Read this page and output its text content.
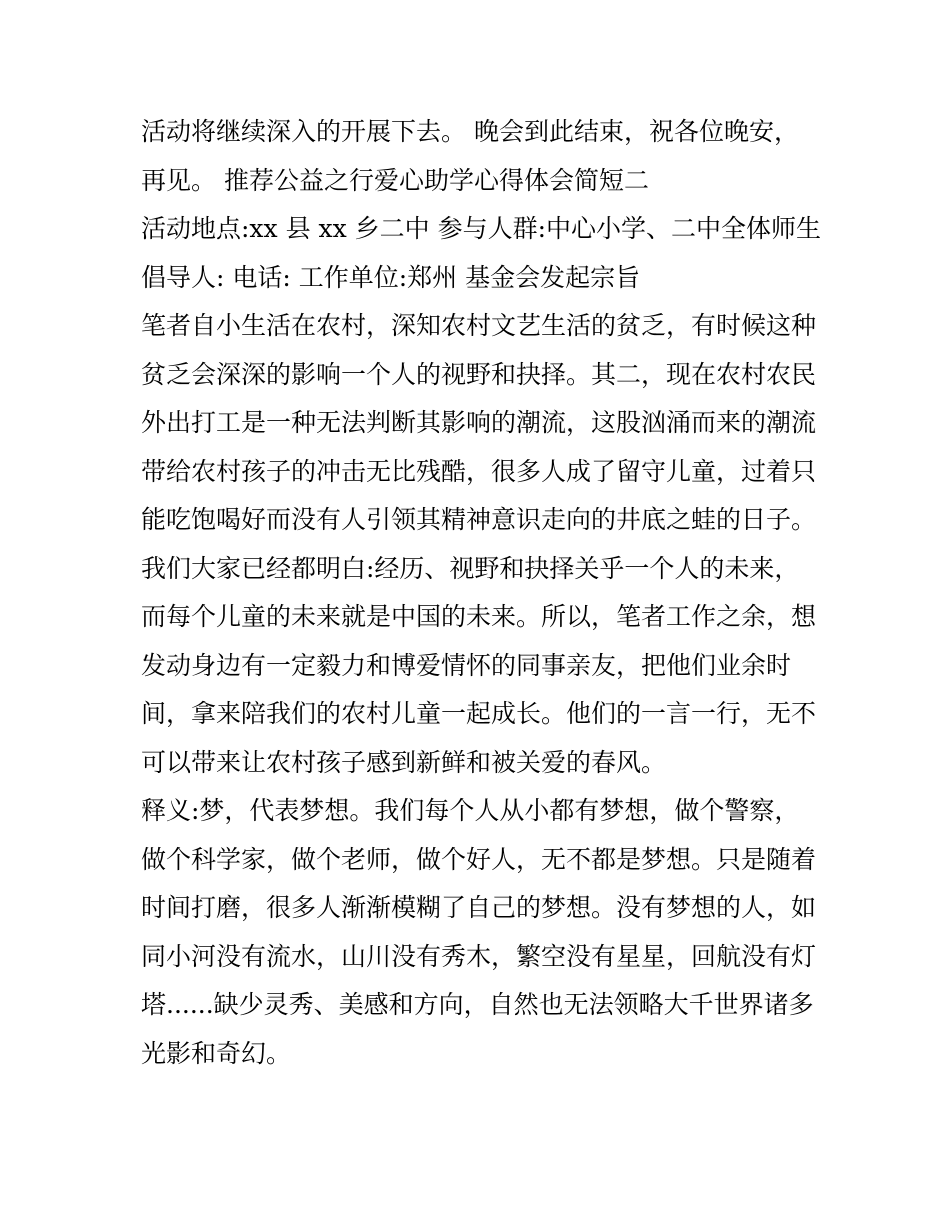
活动将继续深入的开展下去。 晚会到此结束，祝各位晚安，
再见。 推荐公益之行爱心助学心得体会简短二
活动地点:xx 县 xx 乡二中 参与人群:中心小学、二中全体师生
倡导人: 电话: 工作单位:郑州 基金会发起宗旨
笔者自小生活在农村，深知农村文艺生活的贫乏，有时候这种
贫乏会深深的影响一个人的视野和抉择。其二，现在农村农民
外出打工是一种无法判断其影响的潮流，这股汹涌而来的潮流
带给农村孩子的冲击无比残酷，很多人成了留守儿童，过着只
能吃饱喝好而没有人引领其精神意识走向的井底之蛙的日子。
我们大家已经都明白:经历、视野和抉择关乎一个人的未来，
而每个儿童的未来就是中国的未来。所以，笔者工作之余，想
发动身边有一定毅力和博爱情怀的同事亲友，把他们业余时
间，拿来陪我们的农村儿童一起成长。他们的一言一行，无不
可以带来让农村孩子感到新鲜和被关爱的春风。
释义:梦，代表梦想。我们每个人从小都有梦想，做个警察，
做个科学家，做个老师，做个好人，无不都是梦想。只是随着
时间打磨，很多人渐渐模糊了自己的梦想。没有梦想的人，如
同小河没有流水，山川没有秀木，繁空没有星星，回航没有灯
塔......缺少灵秀、美感和方向，自然也无法领略大千世界诸多
光影和奇幻。
